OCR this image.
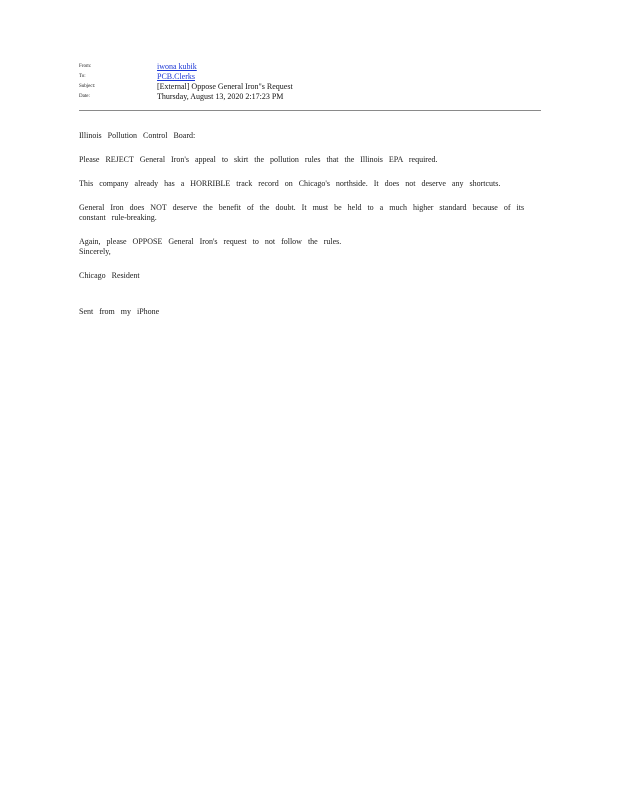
From:	iwona kubik
To:	PCB.Clerks
Subject:	[External] Oppose General Iron"s Request
Date:	Thursday, August 13, 2020 2:17:23 PM

Illinois Pollution Control Board:

Please REJECT General Iron's appeal to skirt the pollution rules that the Illinois EPA required.

This company already has a HORRIBLE track record on Chicago's northside. It does not deserve any shortcuts.

General Iron does NOT deserve the benefit of the doubt. It must be held to a much higher standard because of its constant rule-breaking.

Again, please OPPOSE General Iron's request to not follow the rules.

Sincerely,

Chicago Resident

Sent from my iPhone
